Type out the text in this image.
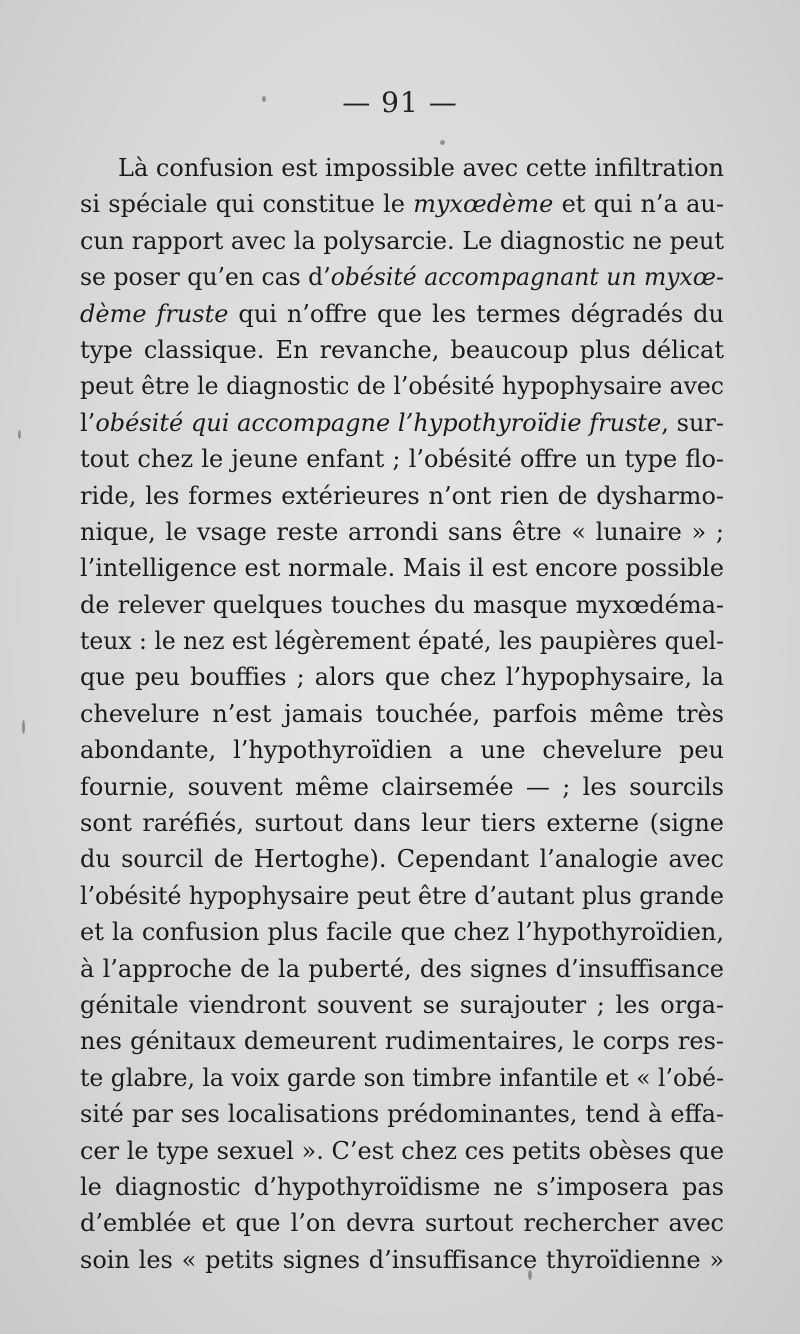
— 91 —
Là confusion est impossible avec cette infiltration
si spéciale qui constitue le myxœdème et qui n’a au-
cun rapport avec la polysarcie. Le diagnostic ne peut
se poser qu’en cas d’obésité accompagnant un myxœ-
dème fruste qui n’offre que les termes dégradés du
type classique. En revanche, beaucoup plus délicat
peut être le diagnostic de l’obésité hypophysaire avec
l’obésité qui accompagne l’hypothyroïdie fruste, sur-
tout chez le jeune enfant ; l’obésité offre un type flo-
ride, les formes extérieures n’ont rien de dysharmo-
nique, le vsage reste arrondi sans être « lunaire » ;
l’intelligence est normale. Mais il est encore possible
de relever quelques touches du masque myxœdéma-
teux : le nez est légèrement épaté, les paupières quel-
que peu bouffies ; alors que chez l’hypophysaire, la
chevelure n’est jamais touchée, parfois même très
abondante, l’hypothyroïdien a une chevelure peu
fournie, souvent même clairsemée — ; les sourcils
sont raréfiés, surtout dans leur tiers externe (signe
du sourcil de Hertoghe). Cependant l’analogie avec
l’obésité hypophysaire peut être d’autant plus grande
et la confusion plus facile que chez l’hypothyroïdien,
à l’approche de la puberté, des signes d’insuffisance
génitale viendront souvent se surajouter ; les orga-
nes génitaux demeurent rudimentaires, le corps res-
te glabre, la voix garde son timbre infantile et « l’obé-
sité par ses localisations prédominantes, tend à effa-
cer le type sexuel ». C’est chez ces petits obèses que
le diagnostic d’hypothyroïdisme ne s’imposera pas
d’emblée et que l’on devra surtout rechercher avec
soin les « petits signes d’insuffisance thyroïdienne »
